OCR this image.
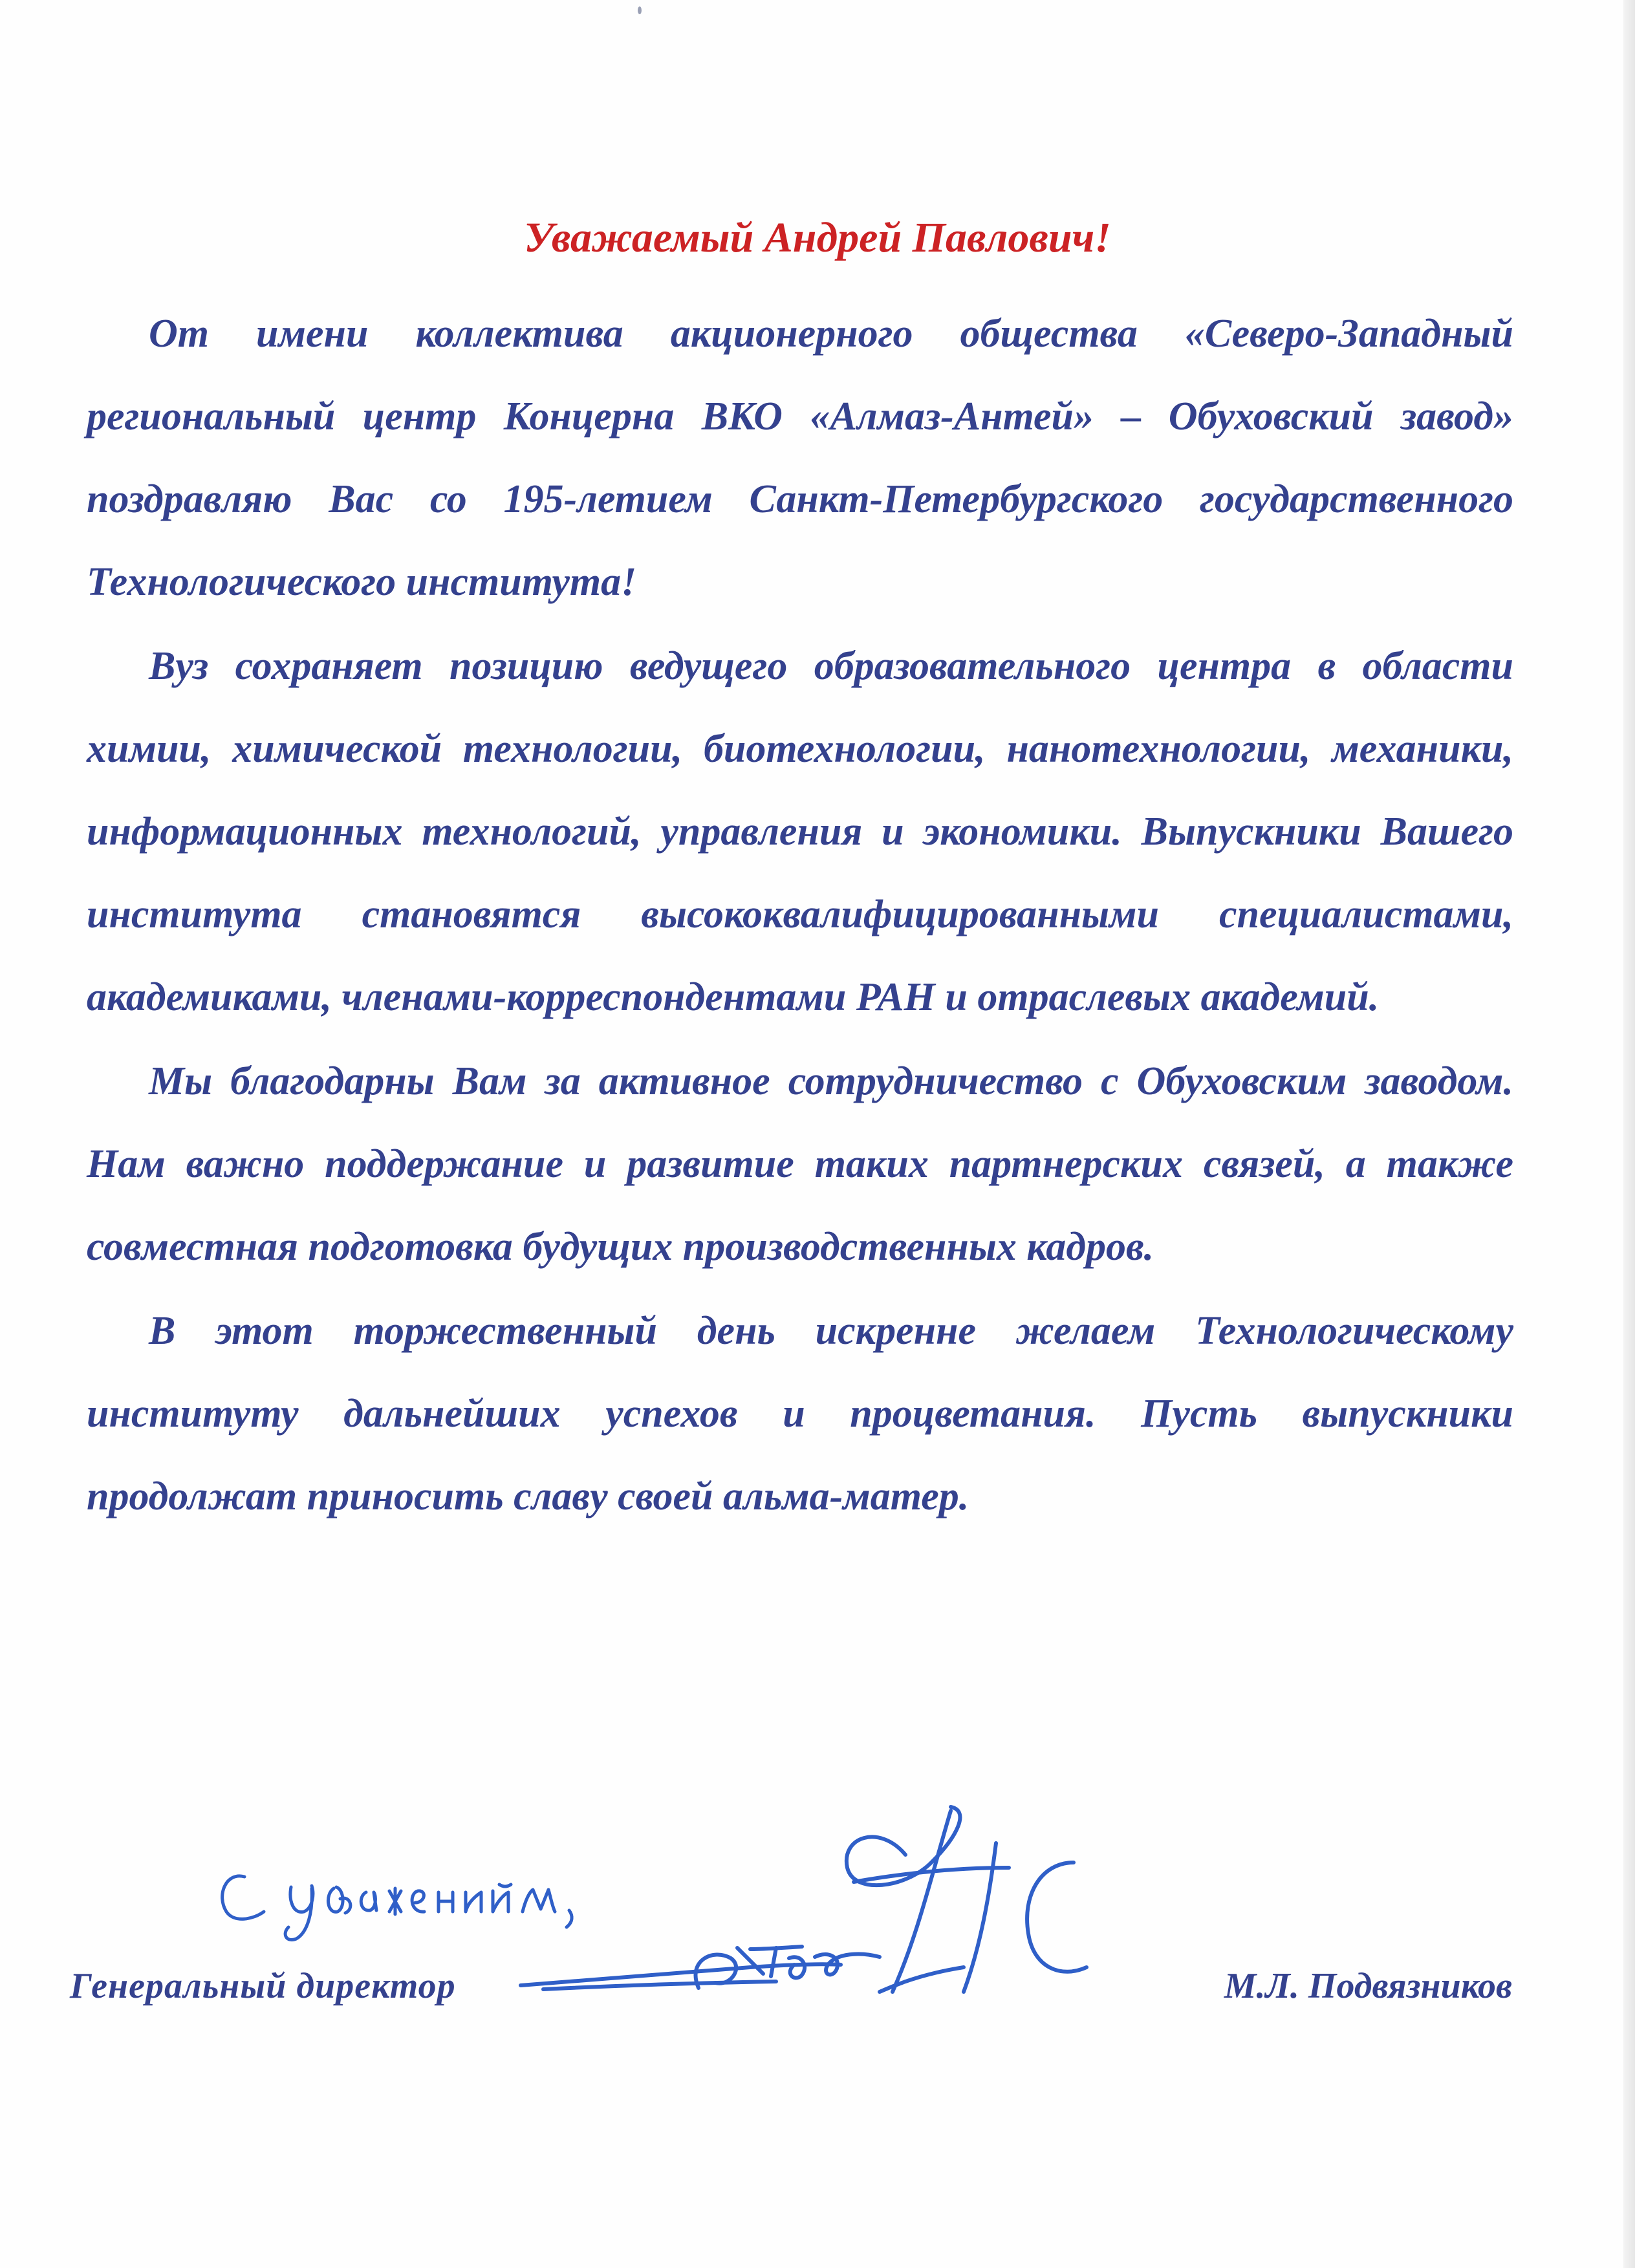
Уважаемый Андрей Павлович!

От имени коллектива акционерного общества «Северо-Западный региональный центр Концерна ВКО «Алмаз-Антей» – Обуховский завод» поздравляю Вас со 195-летием Санкт-Петербургского государственного Технологического института!

Вуз сохраняет позицию ведущего образовательного центра в области химии, химической технологии, биотехнологии, нанотехнологии, механики, информационных технологий, управления и экономики. Выпускники Вашего института становятся высококвалифицированными специалистами, академиками, членами-корреспондентами РАН и отраслевых академий.

Мы благодарны Вам за активное сотрудничество с Обуховским заводом. Нам важно поддержание и развитие таких партнерских связей, а также совместная подготовка будущих производственных кадров.

В этот торжественный день искренне желаем Технологическому институту дальнейших успехов и процветания. Пусть выпускники продолжат приносить славу своей альма-матер.

Генеральный директор	М.Л. Подвязников
